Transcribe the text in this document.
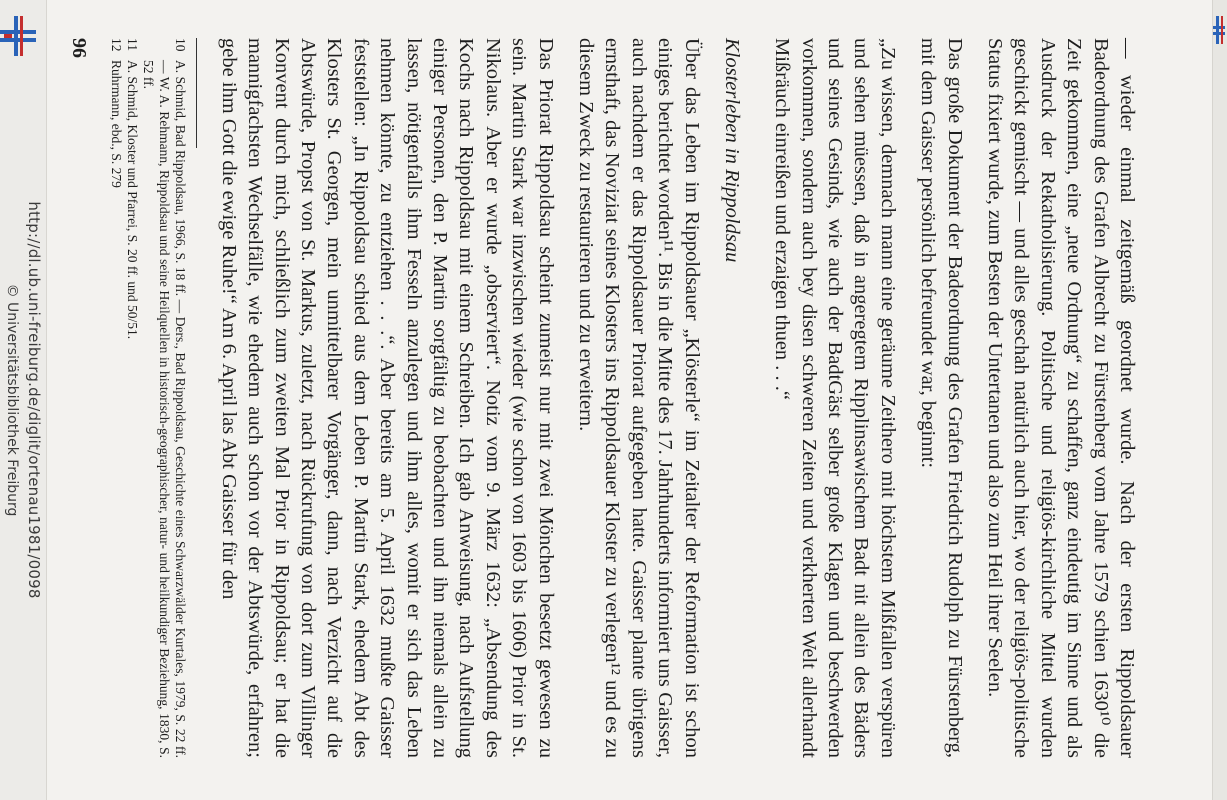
http://dl.ub.uni-freiburg.de/diglit/ortenau1981/0098
© Universitätsbibliothek Freiburg	— wieder einmal zeitgemäß geordnet wurde. Nach der ersten Rippoldsauer Badeordnung des Grafen Albrecht zu Fürstenberg vom Jahre 1579 schien 1630¹⁰ die Zeit gekommen, eine „neue Ordnung“ zu schaffen, ganz eindeutig im Sinne und als Ausdruck der Rekatholisierung. Politische und religiös-kirchliche Mittel wurden geschickt gemischt — und alles geschah natürlich auch hier, wo der religiös-politische Status fixiert wurde, zum Besten der Untertanen und also zum Heil ihrer Seelen.

Das große Dokument der Badeordnung des Grafen Friedrich Rudolph zu Fürstenberg, mit dem Gaisser persönlich befreundet war, beginnt:

„Zu wissen, demnach mann eine geräume Zeithero mit höchstem Mißfallen verspüren und sehen müessen, daß in angeregtem Ripplinsawischem Badt nit allein des Bäders und seines Gesinds, wie auch der BadtGäst selber große Klagen und beschwerden vorkommen, sondern auch bey disen schweren Zeiten und verkherten Welt allerhandt Mißräuch einreißen und erzaigen thuen . . .“

Klosterleben in Rippoldsau

Über das Leben im Rippoldsauer „Klösterle“ im Zeitalter der Reformation ist schon einiges berichtet worden¹¹. Bis in die Mitte des 17. Jahrhunderts informiert uns Gaisser, auch nachdem er das Rippoldsauer Priorat aufgegeben hatte. Gaisser plante übrigens ernsthaft, das Noviziat seines Klosters ins Rippoldsauer Kloster zu verlegen¹² und es zu diesem Zweck zu restaurieren und zu erweitern.

Das Priorat Rippoldsau scheint zumeist nur mit zwei Mönchen besetzt gewesen zu sein. Martin Stark war inzwischen wieder (wie schon von 1603 bis 1606) Prior in St. Nikolaus. Aber er wurde „observiert“. Notiz vom 9. März 1632: „Absendung des Kochs nach Rippoldsau mit einem Schreiben. Ich gab Anweisung, nach Aufstellung einiger Personen, den P. Martin sorgfältig zu beobachten und ihn niemals allein zu lassen, nötigenfalls ihm Fesseln anzulegen und ihm alles, womit er sich das Leben nehmen könnte, zu entziehen . . .“. Aber bereits am 5. April 1632 mußte Gaisser feststellen: „In Rippoldsau schied aus dem Leben P. Martin Stark, ehedem Abt des Klosters St. Georgen, mein unmittelbarer Vorgänger, dann, nach Verzicht auf die Abtswürde, Propst von St. Markus, zuletzt, nach Rückrufung von dort zum Villinger Konvent durch mich, schließlich zum zweiten Mal Prior in Rippoldsau; er hat die mannigfachsten Wechselfälle, wie ehedem auch schon vor der Abtswürde, erfahren; gebe ihm Gott die ewige Ruhe!“ Am 6. April las Abt Gaisser für den

10
A. Schmid, Bad Rippoldsau, 1966, S. 18 ff. — Ders., Bad Rippoldsau, Geschichte eines Schwarzwälder Kurtales, 1979, S. 22 ff. — W. A. Rehmann, Rippoldsau und seine Heilquellen in historisch-geographischer, natur- und heilkundiger Beziehung, 1830, S. 52 ff.
11
A. Schmid, Kloster und Pfarrei, S. 20 ff. und 50/51.
12
Ruhrmann, ebd., S. 279
96
